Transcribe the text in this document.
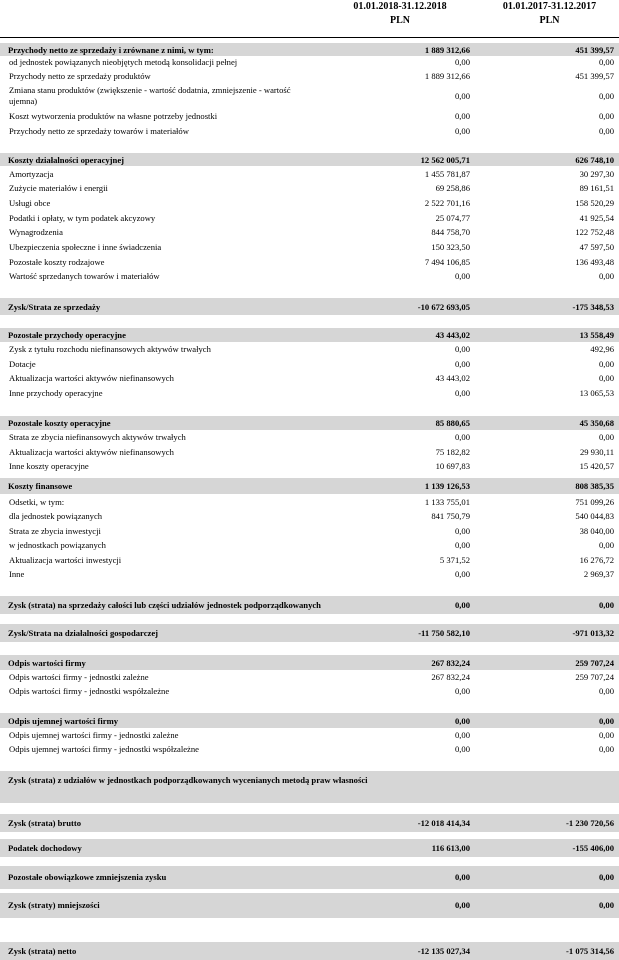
01.01.2018-31.12.2018
PLN
01.01.2017-31.12.2017
PLN
Przychody netto ze sprzedaży i zrównane z nimi, w tym:	1 889 312,66	451 399,57
od jednostek powiązanych nieobjętych metodą konsolidacji pełnej	0,00	0,00
Przychody netto ze sprzedaży produktów	1 889 312,66	451 399,57
Zmiana stanu produktów (zwiększenie - wartość dodatnia, zmniejszenie - wartość ujemna)	0,00	0,00
Koszt wytworzenia produktów na własne potrzeby jednostki	0,00	0,00
Przychody netto ze sprzedaży towarów i materiałów	0,00	0,00
Koszty działalności operacyjnej	12 562 005,71	626 748,10
Amortyzacja	1 455 781,87	30 297,30
Zużycie materiałów i energii	69 258,86	89 161,51
Usługi obce	2 522 701,16	158 520,29
Podatki i opłaty, w tym podatek akcyzowy	25 074,77	41 925,54
Wynagrodzenia	844 758,70	122 752,48
Ubezpieczenia społeczne i inne świadczenia	150 323,50	47 597,50
Pozostałe koszty rodzajowe	7 494 106,85	136 493,48
Wartość sprzedanych towarów i materiałów	0,00	0,00
Zysk/Strata ze sprzedaży	-10 672 693,05	-175 348,53
Pozostałe przychody operacyjne	43 443,02	13 558,49
Zysk z tytułu rozchodu niefinansowych aktywów trwałych	0,00	492,96
Dotacje	0,00	0,00
Aktualizacja wartości aktywów niefinansowych	43 443,02	0,00
Inne przychody operacyjne	0,00	13 065,53
Pozostałe koszty operacyjne	85 880,65	45 350,68
Strata ze zbycia niefinansowych aktywów trwałych	0,00	0,00
Aktualizacja wartości aktywów niefinansowych	75 182,82	29 930,11
Inne koszty operacyjne	10 697,83	15 420,57
Koszty finansowe	1 139 126,53	808 385,35
Odsetki, w tym:	1 133 755,01	751 099,26
dla jednostek powiązanych	841 750,79	540 044,83
Strata ze zbycia inwestycji	0,00	38 040,00
w jednostkach powiązanych	0,00	0,00
Aktualizacja wartości inwestycji	5 371,52	16 276,72
Inne	0,00	2 969,37
Zysk (strata) na sprzedaży całości lub części udziałów jednostek podporządkowanych	0,00	0,00
Zysk/Strata na działalności gospodarczej	-11 750 582,10	-971 013,32
Odpis wartości firmy	267 832,24	259 707,24
Odpis wartości firmy - jednostki zależne	267 832,24	259 707,24
Odpis wartości firmy - jednostki współzależne	0,00	0,00
Odpis ujemnej wartości firmy	0,00	0,00
Odpis ujemnej wartości firmy - jednostki zależne	0,00	0,00
Odpis ujemnej wartości firmy - jednostki współzależne	0,00	0,00
Zysk (strata) z udziałów w jednostkach podporządkowanych wycenianych metodą praw własności
Zysk (strata) brutto	-12 018 414,34	-1 230 720,56
Podatek dochodowy	116 613,00	-155 406,00
Pozostałe obowiązkowe zmniejszenia zysku	0,00	0,00
Zysk (straty) mniejszości	0,00	0,00
Zysk (strata) netto	-12 135 027,34	-1 075 314,56
